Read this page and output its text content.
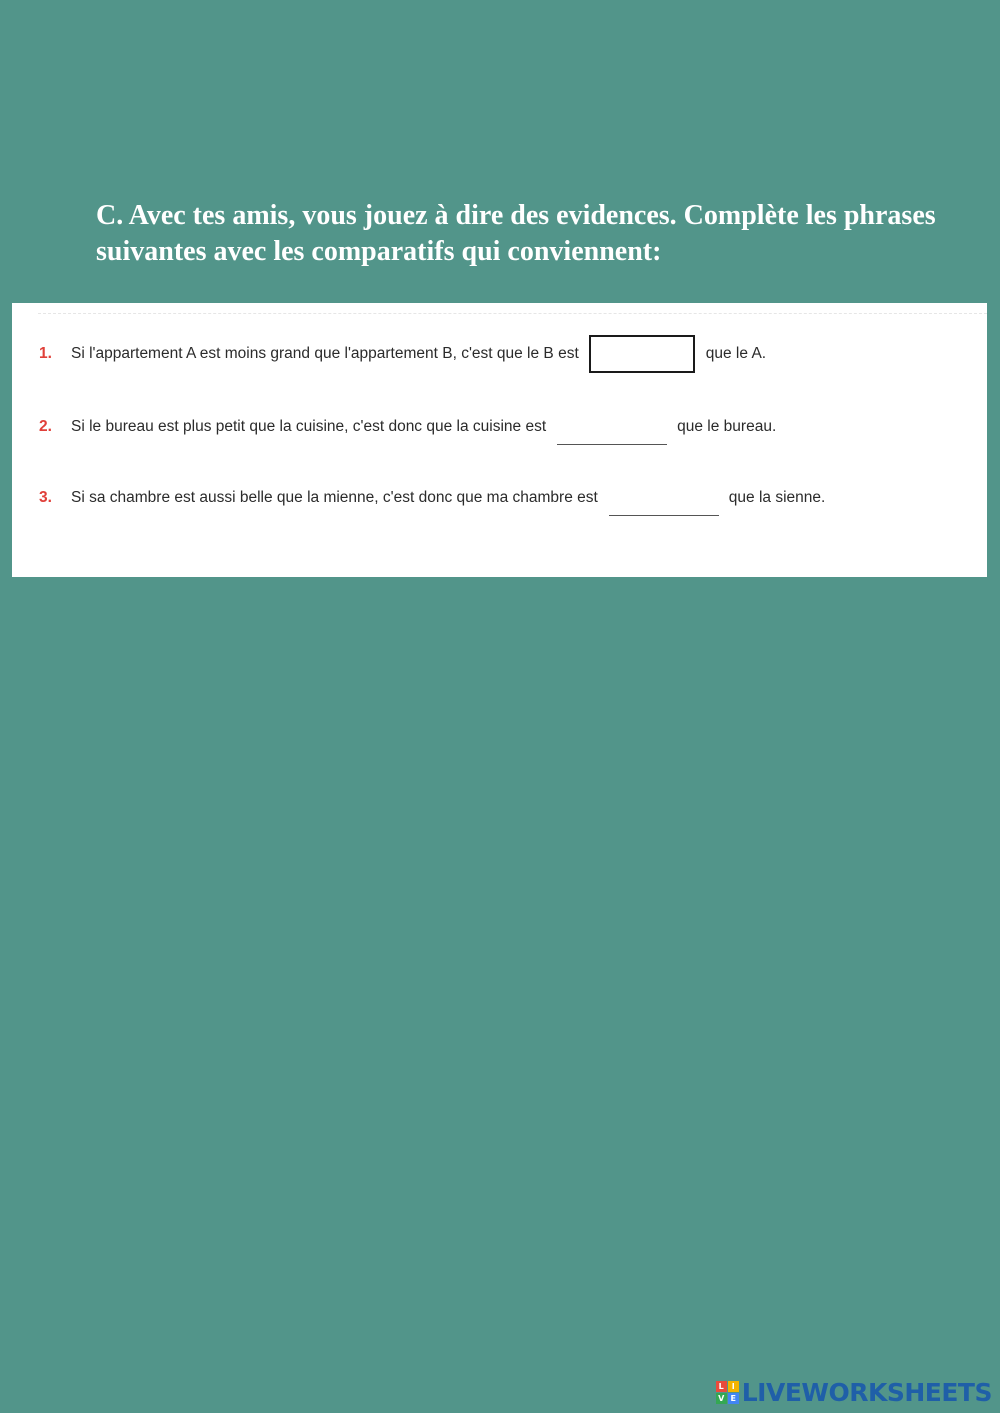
C. Avec tes amis, vous jouez à dire des evidences. Complète les phrases suivantes avec les comparatifs qui conviennent:

1.	Si l'appartement A est moins grand que l'appartement B, c'est que le B est	que le A.
2.	Si le bureau est plus petit que la cuisine, c'est donc que la cuisine est	que le bureau.
3.	Si sa chambre est aussi belle que la mienne, c'est donc que ma chambre est	que la sienne.
L I
V E LIVEWORKSHEETS
